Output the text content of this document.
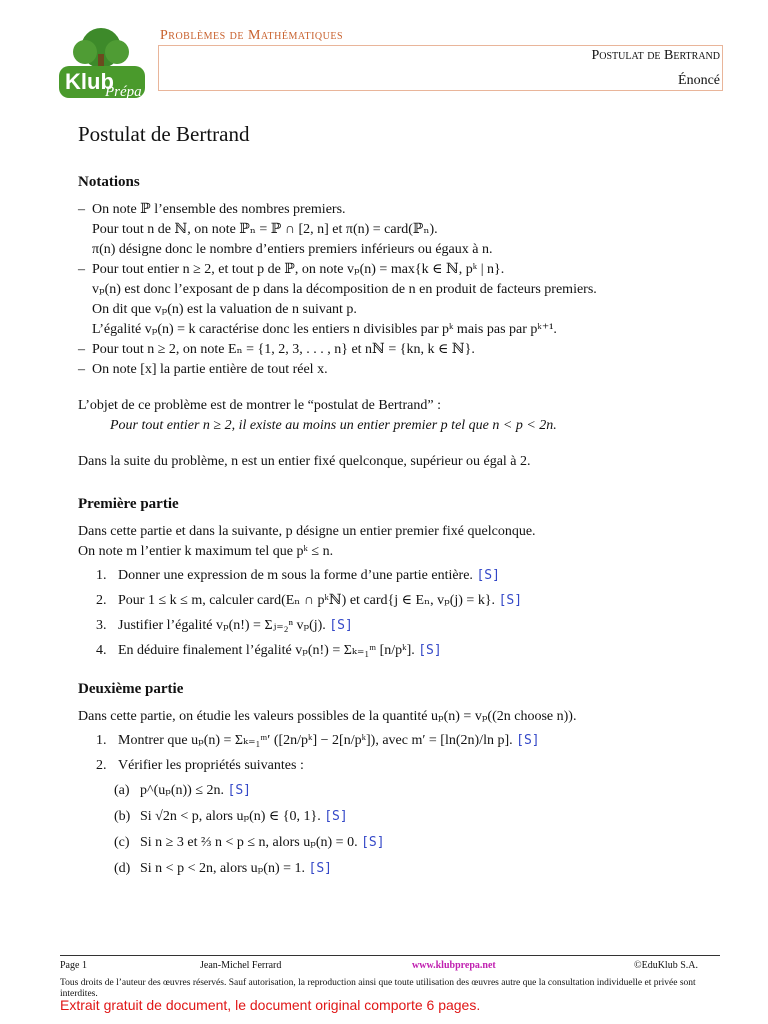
Klub
Prépa
Problèmes de Mathématiques
Postulat de Bertrand
Énoncé
Postulat de Bertrand
Notations
– On note ℙ l’ensemble des nombres premiers.

Pour tout n de ℕ, on note ℙₙ = ℙ ∩ [2, n] et π(n) = card(ℙₙ).

π(n) désigne donc le nombre d’entiers premiers inférieurs ou égaux à n.

– Pour tout entier n ≥ 2, et tout p de ℙ, on note vₚ(n) = max{k ∈ ℕ, pᵏ | n}.

vₚ(n) est donc l’exposant de p dans la décomposition de n en produit de facteurs premiers.

On dit que vₚ(n) est la valuation de n suivant p.

L’égalité vₚ(n) = k caractérise donc les entiers n divisibles par pᵏ mais pas par pᵏ⁺¹.

– Pour tout n ≥ 2, on note Eₙ = {1, 2, 3, . . . , n} et nℕ = {kn, k ∈ ℕ}.

– On note [x] la partie entière de tout réel x.

L’objet de ce problème est de montrer le “postulat de Bertrand” :

Pour tout entier n ≥ 2, il existe au moins un entier premier p tel que n < p < 2n.

Dans la suite du problème, n est un entier fixé quelconque, supérieur ou égal à 2.

Première partie

Dans cette partie et dans la suivante, p désigne un entier premier fixé quelconque.

On note m l’entier k maximum tel que pᵏ ≤ n.

1. Donner une expression de m sous la forme d’une partie entière. [S]
2. Pour 1 ≤ k ≤ m, calculer card(Eₙ ∩ pᵏℕ) et card{j ∈ Eₙ, vₚ(j) = k}. [S]
3. Justifier l’égalité vₚ(n!) = Σⱼ₌₂ⁿ vₚ(j). [S]
4. En déduire finalement l’égalité vₚ(n!) = Σₖ₌₁ᵐ [n/pᵏ]. [S]
Deuxième partie

Dans cette partie, on étudie les valeurs possibles de la quantité uₚ(n) = vₚ((2n choose n)).

1. Montrer que uₚ(n) = Σₖ₌₁ᵐ′ ([2n/pᵏ] − 2[n/pᵏ]), avec m′ = [ln(2n)/ln p]. [S]
2. Vérifier les propriétés suivantes :
(a) p^(uₚ(n)) ≤ 2n. [S]
(b) Si √2n < p, alors uₚ(n) ∈ {0, 1}. [S]
(c) Si n ≥ 3 et ⅔ n < p ≤ n, alors uₚ(n) = 0. [S]
(d) Si n < p < 2n, alors uₚ(n) = 1. [S]
Page 1	Jean-Michel Ferrard	www.klubprepa.net	©EduKlub S.A.
Tous droits de l’auteur des œuvres réservés. Sauf autorisation, la reproduction ainsi que toute utilisation des œuvres autre que la consultation individuelle et privée sont interdites.
Extrait gratuit de document, le document original comporte 6 pages.
